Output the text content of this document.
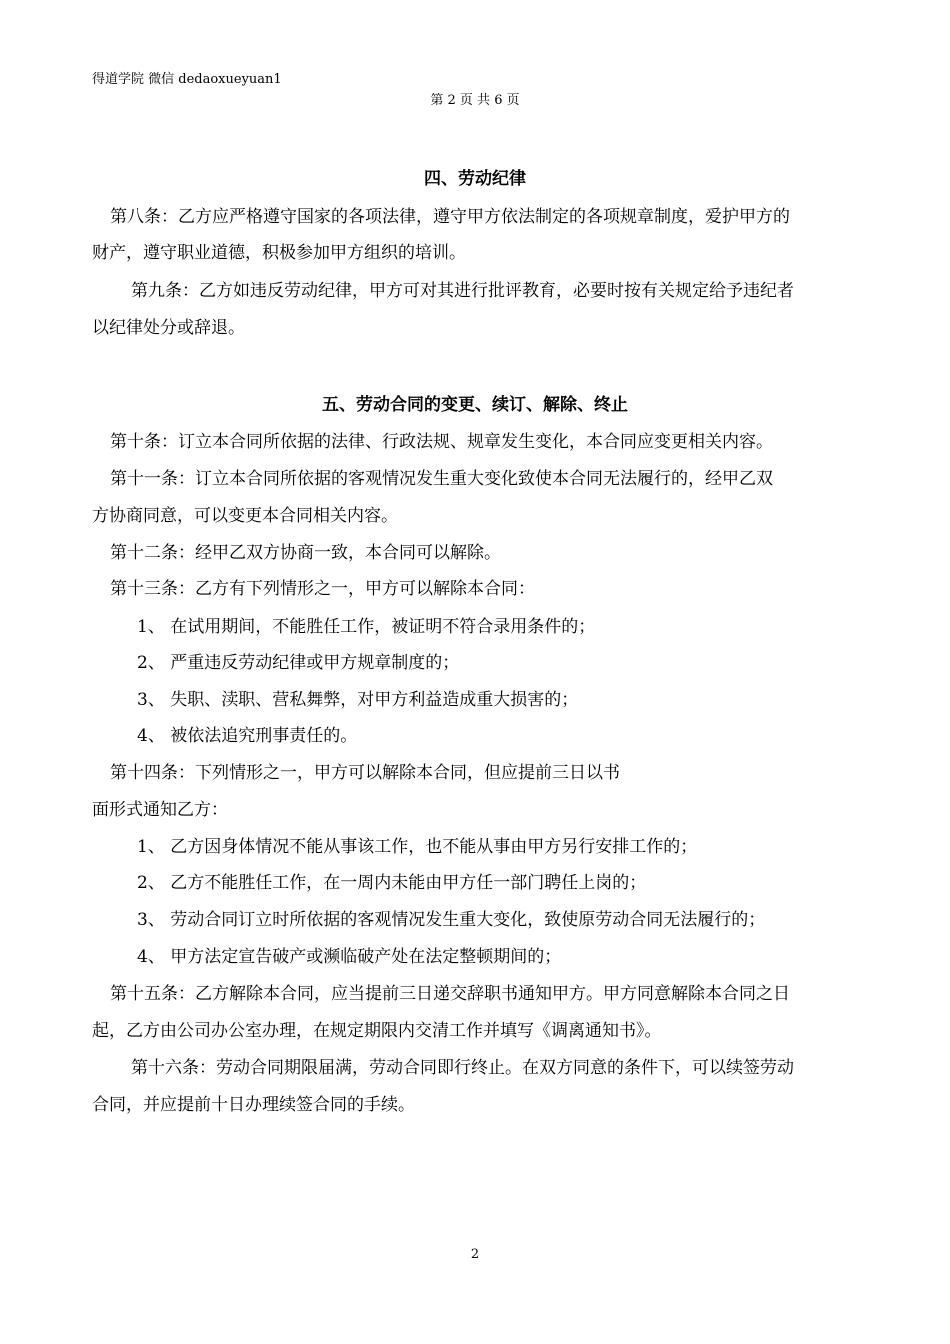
得道学院 微信 dedaoxueyuan1
第 2 页 共 6 页
四、劳动纪律
第八条：乙方应严格遵守国家的各项法律，遵守甲方依法制定的各项规章制度，爱护甲方的
财产，遵守职业道德，积极参加甲方组织的培训。
第九条：乙方如违反劳动纪律，甲方可对其进行批评教育，必要时按有关规定给予违纪者
以纪律处分或辞退。
五、劳动合同的变更、续订、解除、终止
第十条：订立本合同所依据的法律、行政法规、规章发生变化，本合同应变更相关内容。
第十一条：订立本合同所依据的客观情况发生重大变化致使本合同无法履行的，经甲乙双
方协商同意，可以变更本合同相关内容。
第十二条：经甲乙双方协商一致，本合同可以解除。
第十三条：乙方有下列情形之一，甲方可以解除本合同：
1、 在试用期间，不能胜任工作，被证明不符合录用条件的；
2、 严重违反劳动纪律或甲方规章制度的；
3、 失职、渎职、营私舞弊，对甲方利益造成重大损害的；
4、 被依法追究刑事责任的。
第十四条：下列情形之一，甲方可以解除本合同，但应提前三日以书
面形式通知乙方：
1、 乙方因身体情况不能从事该工作，也不能从事由甲方另行安排工作的；
2、 乙方不能胜任工作，在一周内未能由甲方任一部门聘任上岗的；
3、 劳动合同订立时所依据的客观情况发生重大变化，致使原劳动合同无法履行的；
4、 甲方法定宣告破产或濒临破产处在法定整顿期间的；
第十五条：乙方解除本合同，应当提前三日递交辞职书通知甲方。甲方同意解除本合同之日
起，乙方由公司办公室办理，在规定期限内交清工作并填写《调离通知书》。
第十六条：劳动合同期限届满，劳动合同即行终止。在双方同意的条件下，可以续签劳动
合同，并应提前十日办理续签合同的手续。
2
